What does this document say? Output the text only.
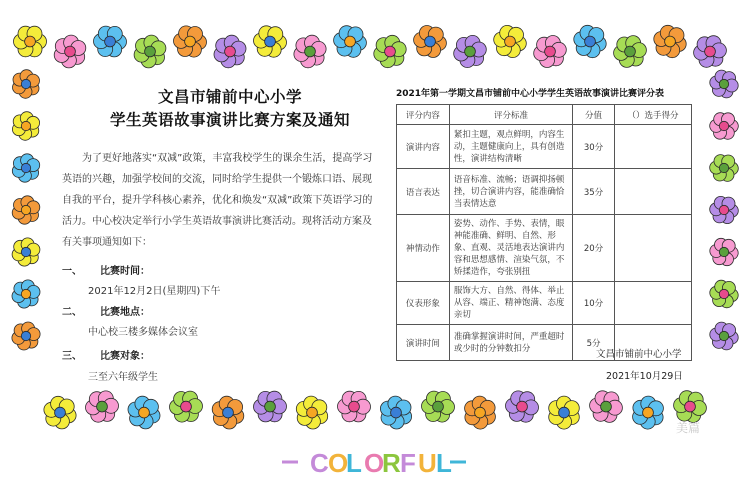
文昌市铺前中心小学
学生英语故事演讲比赛方案及通知
为了更好地落实“双减”政策，丰富我校学生的课余生活，提高学习英语的兴趣，加强学校间的交流，同时给学生提供一个锻炼口语、展现自我的平台，提升学科核心素养，优化和焕发“双减”政策下英语学习的活力。中心校决定举行小学生英语故事演讲比赛活动。现将活动方案及有关事项通知如下：
一、	比赛时间：
2021年12月2日(星期四)下午
二、	比赛地点：
中心校三楼多媒体会议室
三、	比赛对象：
三至六年级学生
2021年第一学期文昌市铺前中心小学学生英语故事演讲比赛评分表
评分内容	评分标准	分值	（）选手得分
演讲内容	紧扣主题，观点鲜明，内容生动，主题健康向上，具有创造性，演讲结构清晰	30分	
语言表达	语音标准、流畅；语调抑扬顿挫，切合演讲内容，能准确恰当表情达意	35分	
神情动作	姿势、动作、手势、表情，眼神能准确、鲜明、自然、形象、直观、灵活地表达演讲内容和思想感情、渲染气氛，不矫揉造作，夸张别扭	20分	
仪表形象	服饰大方、自然、得体、举止从容、端正、精神饱满、态度亲切	10分	
演讲时间	准确掌握演讲时间，严重超时或少时的分钟数扣分	5分	
文昌市铺前中心小学
2021年10月29日
C O
L O
R F U L
美篇
